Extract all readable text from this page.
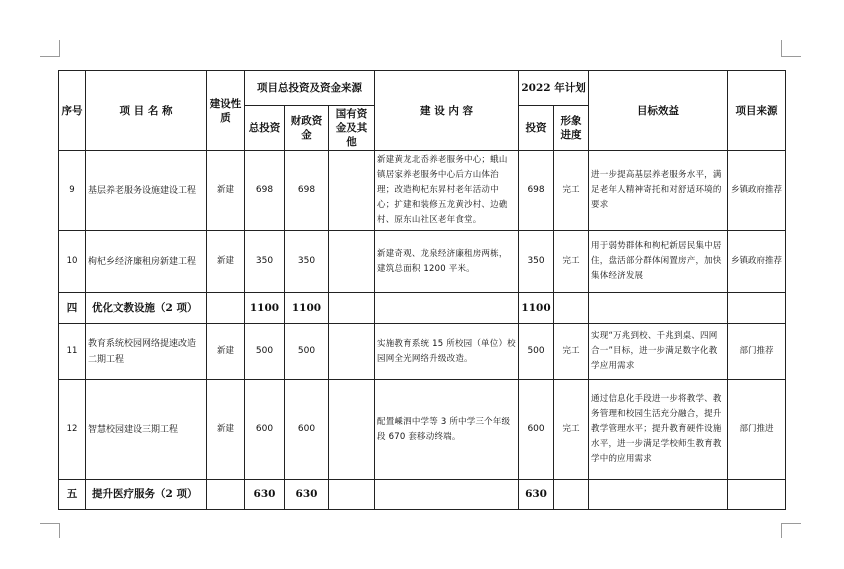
序号	项 目 名 称	建设性质	项目总投资及资金来源			建 设 内 容	2022 年计划		目标效益	项目来源
			总投资	财政资金	国有资金及其他		投资	形象进度		
9	基层养老服务设施建设工程	新建	698	698		新建黄龙北岙养老服务中心；蛾山镇居家养老服务中心后方山体治理；改造枸杞东昇村老年活动中心；扩建和装修五龙黄沙村、边礁村、原东山社区老年食堂。	698	完工	进一步提高基层养老服务水平，满足老年人精神寄托和对舒适环境的要求	乡镇政府推荐
10	枸杞乡经济廉租房新建工程	新建	350	350		新建奇观、龙泉经济廉租房两栋，建筑总面积 1200 平米。	350	完工	用于弱势群体和枸杞新居民集中居住，盘活部分群体闲置房产，加快集体经济发展	乡镇政府推荐
四	优化文教设施（2 项）		1100	1100			1100			
11	教育系统校园网络提速改造二期工程	新建	500	500		实施教育系统 15 所校园（单位）校园网全光网络升级改造。	500	完工	实现“万兆到校、千兆到桌、四网合一”目标，进一步满足数字化教学应用需求	部门推荐
12	智慧校园建设三期工程	新建	600	600		配置嵊泗中学等 3 所中学三个年级段 670 套移动终端。	600	完工	通过信息化手段进一步将教学、教务管理和校园生活充分融合，提升教学管理水平；提升教育硬件设施水平，进一步满足学校师生教育教学中的应用需求	部门推进
五	提升医疗服务（2 项）		630	630			630			
